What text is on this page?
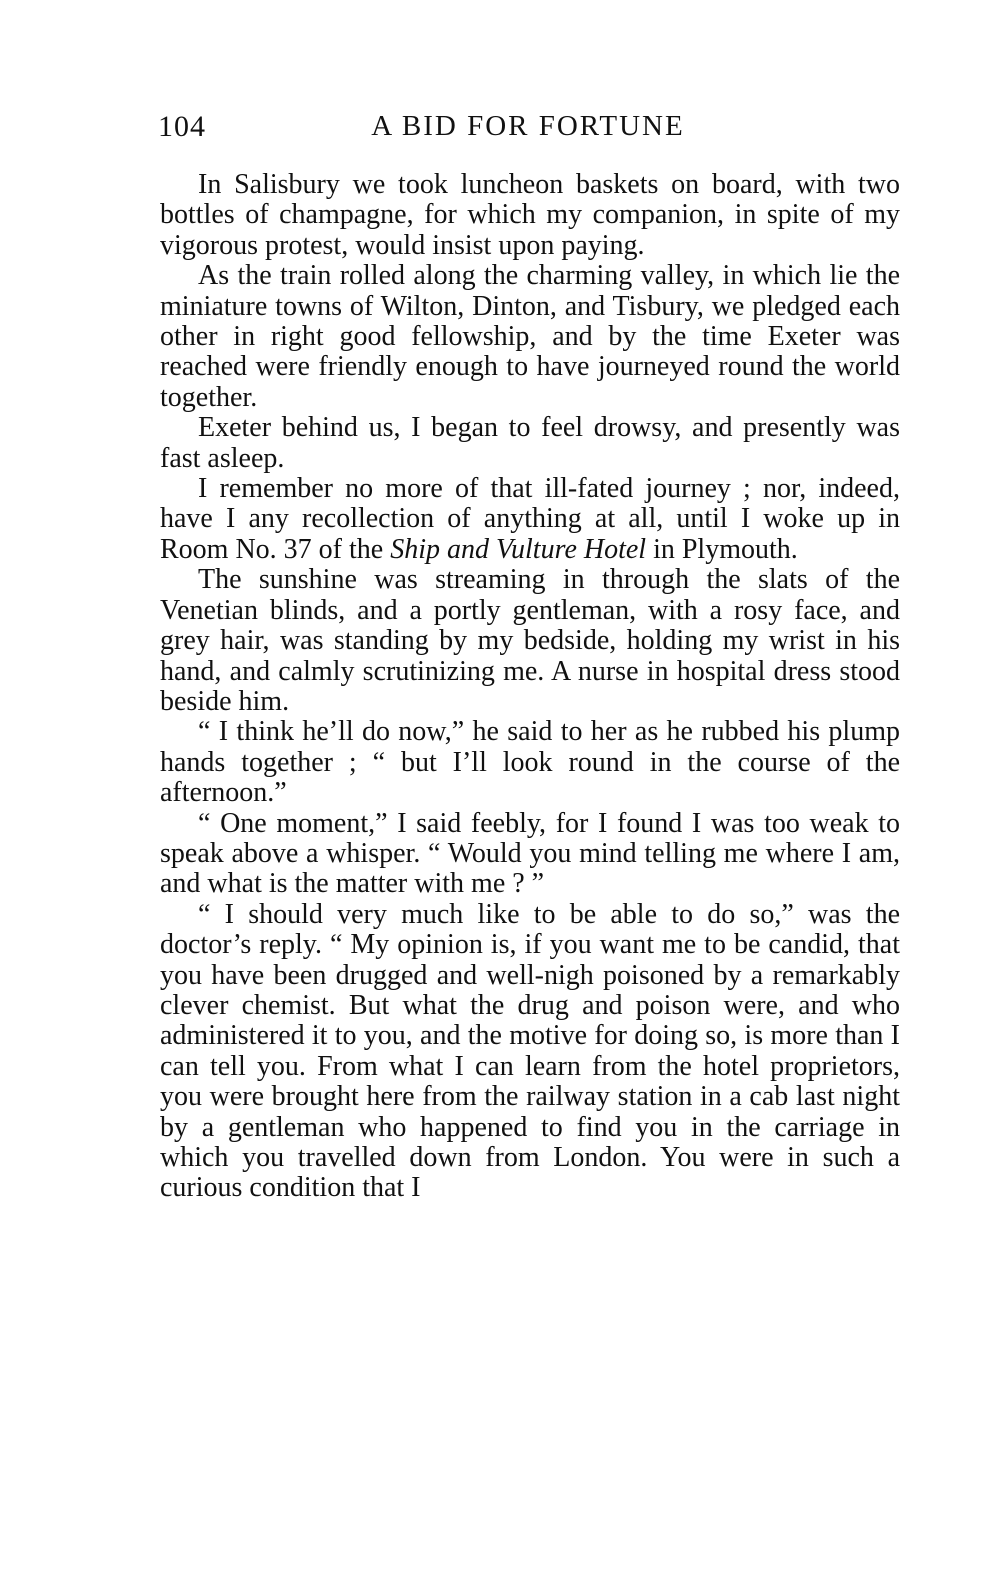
104	A BID FOR FORTUNE

In Salisbury we took luncheon baskets on board, with two bottles of champagne, for which my companion, in spite of my vigorous protest, would insist upon paying.

As the train rolled along the charming valley, in which lie the miniature towns of Wilton, Dinton, and Tisbury, we pledged each other in right good fellowship, and by the time Exeter was reached were friendly enough to have journeyed round the world together.

Exeter behind us, I began to feel drowsy, and presently was fast asleep.

I remember no more of that ill-fated journey ; nor, indeed, have I any recollection of anything at all, until I woke up in Room No. 37 of the Ship and Vulture Hotel in Plymouth.

The sunshine was streaming in through the slats of the Venetian blinds, and a portly gentleman, with a rosy face, and grey hair, was standing by my bedside, holding my wrist in his hand, and calmly scrutinizing me. A nurse in hospital dress stood beside him.

“ I think he’ll do now,” he said to her as he rubbed his plump hands together ; “ but I’ll look round in the course of the afternoon.”

“ One moment,” I said feebly, for I found I was too weak to speak above a whisper. “ Would you mind telling me where I am, and what is the matter with me ? ”

“ I should very much like to be able to do so,” was the doctor’s reply. “ My opinion is, if you want me to be candid, that you have been drugged and well-nigh poisoned by a remarkably clever chemist. But what the drug and poison were, and who administered it to you, and the motive for doing so, is more than I can tell you. From what I can learn from the hotel proprietors, you were brought here from the railway station in a cab last night by a gentleman who happened to find you in the carriage in which you travelled down from London. You were in such a curious condition that I
